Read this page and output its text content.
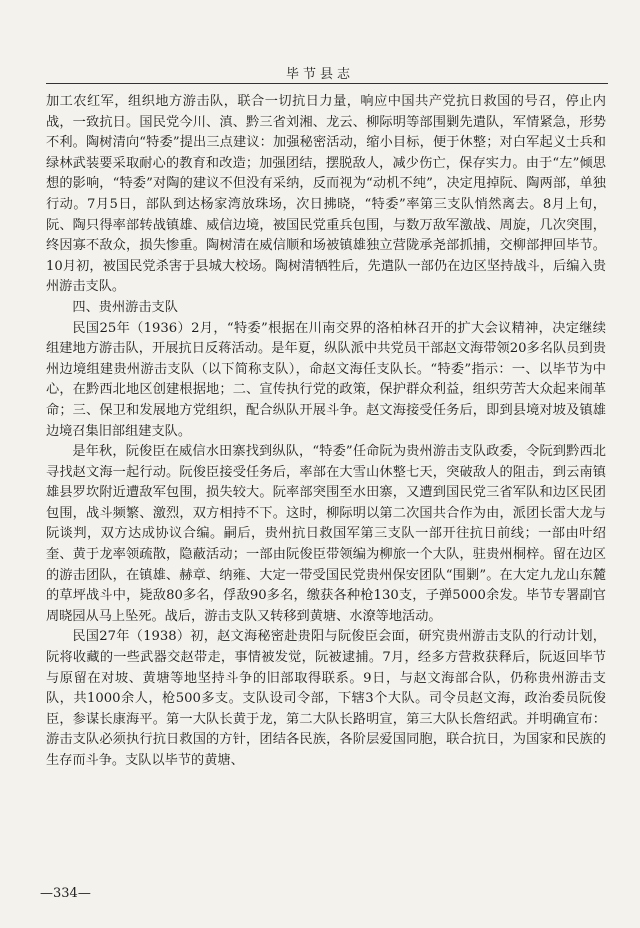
毕节县志

加工农红军，组织地方游击队，联合一切抗日力量，响应中国共产党抗日救国的号召，停止内战，一致抗日。国民党今川、滇、黔三省刘湘、龙云、柳际明等部围剿先遣队，军情紧急，形势不利。陶树清向“特委”提出三点建议：加强秘密活动，缩小目标，便于休整；对白军起义士兵和绿林武装要采取耐心的教育和改造；加强团结，摆脱敌人，减少伤亡，保存实力。由于“左”倾思想的影响，“特委”对陶的建议不但没有采纳，反而视为“动机不纯”，决定甩掉阮、陶两部，单独行动。7月5日，部队到达杨家湾放珠场，次日拂晓，“特委”率第三支队悄然离去。8月上旬，阮、陶只得率部转战镇雄、威信边境，被国民党重兵包围，与数万敌军激战、周旋，几次突围，终因寡不敌众，损失惨重。陶树清在威信顺和场被镇雄独立营陇承尧部抓捕，交柳部押回毕节。10月初，被国民党杀害于县城大校场。陶树清牺牲后，先遣队一部仍在边区坚持战斗，后编入贵州游击支队。

四、贵州游击支队

民国25年（1936）2月，“特委”根据在川南交界的洛柏林召开的扩大会议精神，决定继续组建地方游击队，开展抗日反蒋活动。是年夏，纵队派中共党员干部赵文海带领20多名队员到贵州边境组建贵州游击支队（以下简称支队），命赵文海任支队长。“特委”指示：一、以毕节为中心，在黔西北地区创建根据地；二、宣传执行党的政策，保护群众利益，组织劳苦大众起来闹革命；三、保卫和发展地方党组织，配合纵队开展斗争。赵文海接受任务后，即到县境对坡及镇雄边境召集旧部组建支队。

是年秋，阮俊臣在威信水田寨找到纵队，“特委”任命阮为贵州游击支队政委，令阮到黔西北寻找赵文海一起行动。阮俊臣接受任务后，率部在大雪山休整七天，突破敌人的阻击，到云南镇雄县罗坎附近遭敌军包围，损失较大。阮率部突围至水田寨，又遭到国民党三省军队和边区民团包围，战斗频繁、激烈，双方相持不下。这时，柳际明以第二次国共合作为由，派团长雷大龙与阮谈判，双方达成协议合编。嗣后，贵州抗日救国军第三支队一部开往抗日前线；一部由叶绍奎、黄于龙率领疏散，隐蔽活动；一部由阮俊臣带领编为柳旅一个大队，驻贵州桐梓。留在边区的游击团队，在镇雄、赫章、纳雍、大定一带受国民党贵州保安团队“围剿”。在大定九龙山东麓的草坪战斗中，毙敌80多名，俘敌90多名，缴获各种枪130支，子弹5000余发。毕节专署副官周晓园从马上坠死。战后，游击支队又转移到黄塘、水潦等地活动。

民国27年（1938）初，赵文海秘密赴贵阳与阮俊臣会面，研究贵州游击支队的行动计划，阮将收藏的一些武器交赵带走，事情被发觉，阮被逮捕。7月，经多方营救获释后，阮返回毕节与原留在对坡、黄塘等地坚持斗争的旧部取得联系。9日，与赵文海部合队，仍称贵州游击支队，共1000余人，枪500多支。支队设司令部，下辖3个大队。司令员赵文海，政治委员阮俊臣，参谋长康海平。第一大队长黄于龙，第二大队长路明宣，第三大队长詹绍武。并明确宣布：游击支队必须执行抗日救国的方针，团结各民族，各阶层爱国同胞，联合抗日，为国家和民族的生存而斗争。支队以毕节的黄塘、

—334—
